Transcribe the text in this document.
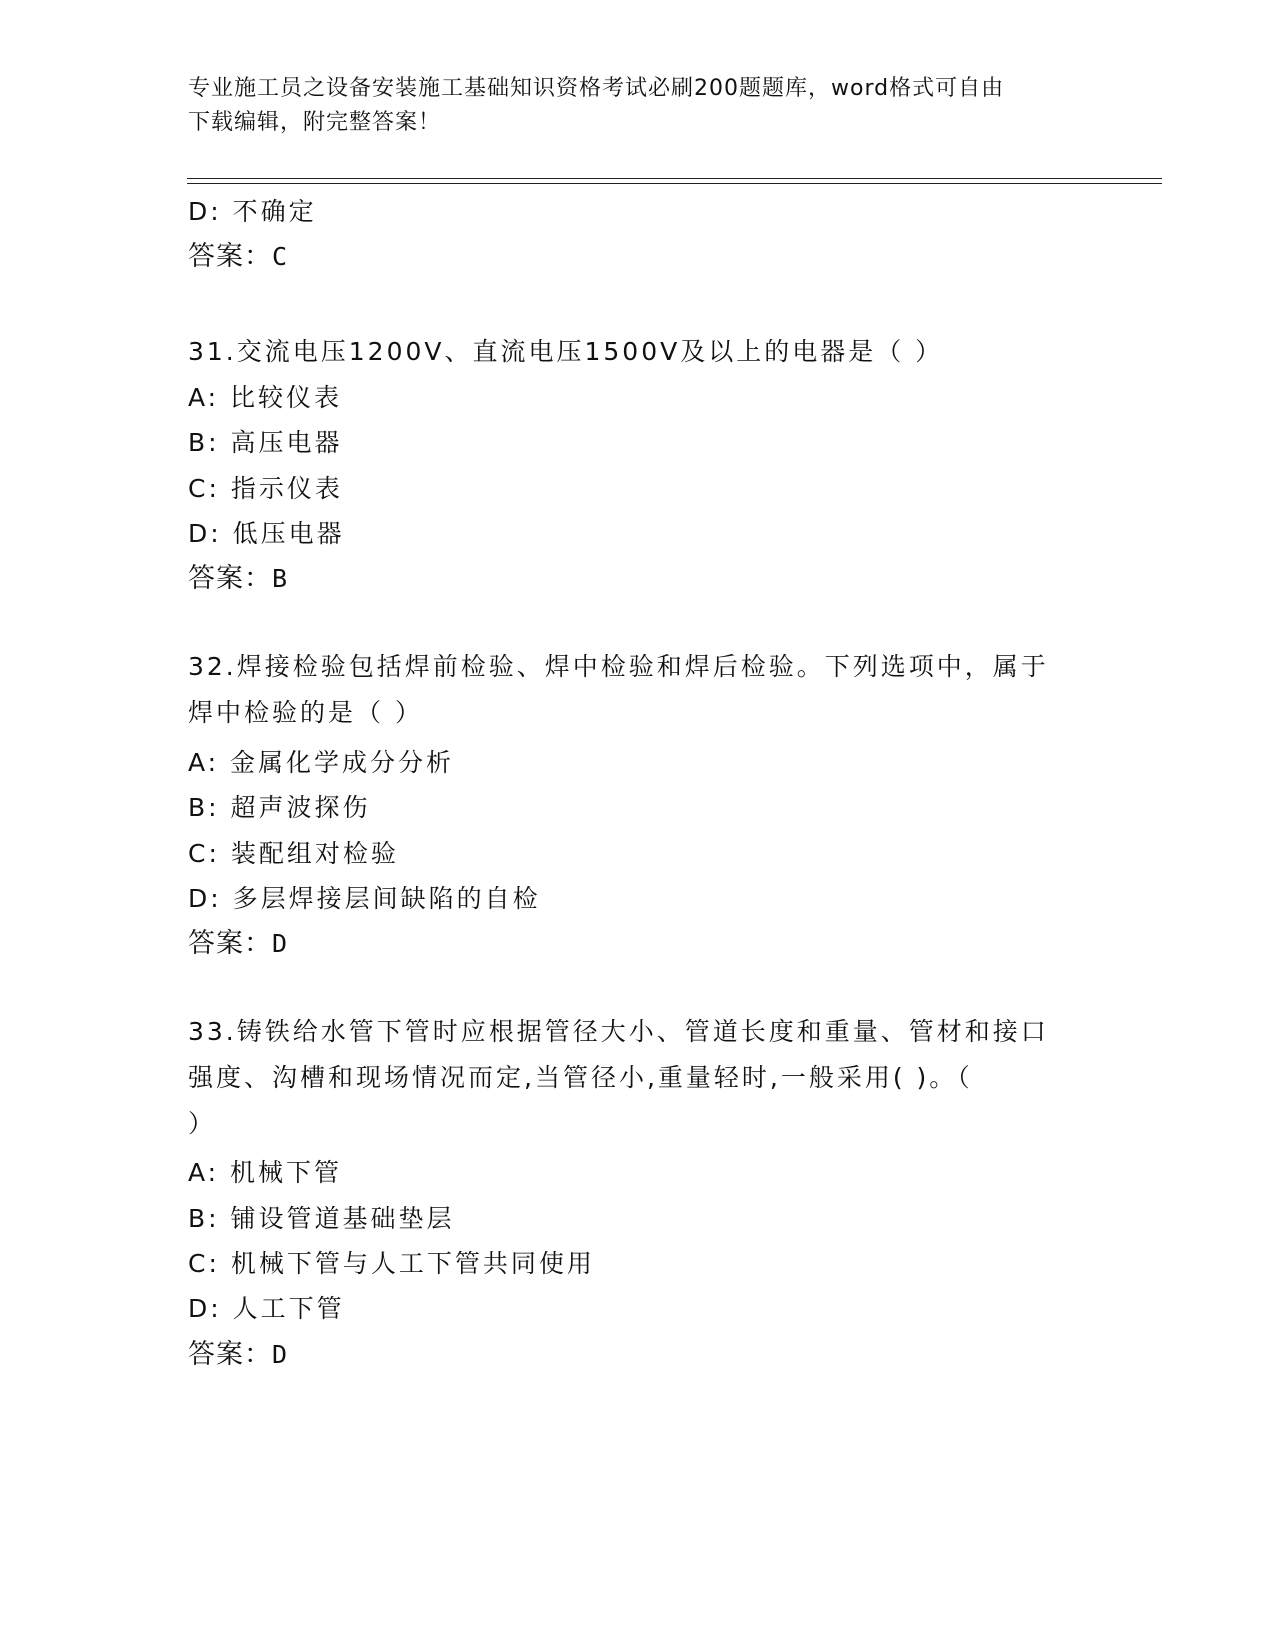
专业施工员之设备安装施工基础知识资格考试必刷200题题库，word格式可自由
下载编辑，附完整答案！
D: 不确定
答案：C
31.交流电压1200V、直流电压1500V及以上的电器是（ ）
A: 比较仪表
B: 高压电器
C: 指示仪表
D: 低压电器
答案：B
32.焊接检验包括焊前检验、焊中检验和焊后检验。下列选项中，属于
焊中检验的是（ ）
A: 金属化学成分分析
B: 超声波探伤
C: 装配组对检验
D: 多层焊接层间缺陷的自检
答案：D
33.铸铁给水管下管时应根据管径大小、管道长度和重量、管材和接口
强度、沟槽和现场情况而定,当管径小,重量轻时,一般采用( )。（
）
A: 机械下管
B: 铺设管道基础垫层
C: 机械下管与人工下管共同使用
D: 人工下管
答案：D
